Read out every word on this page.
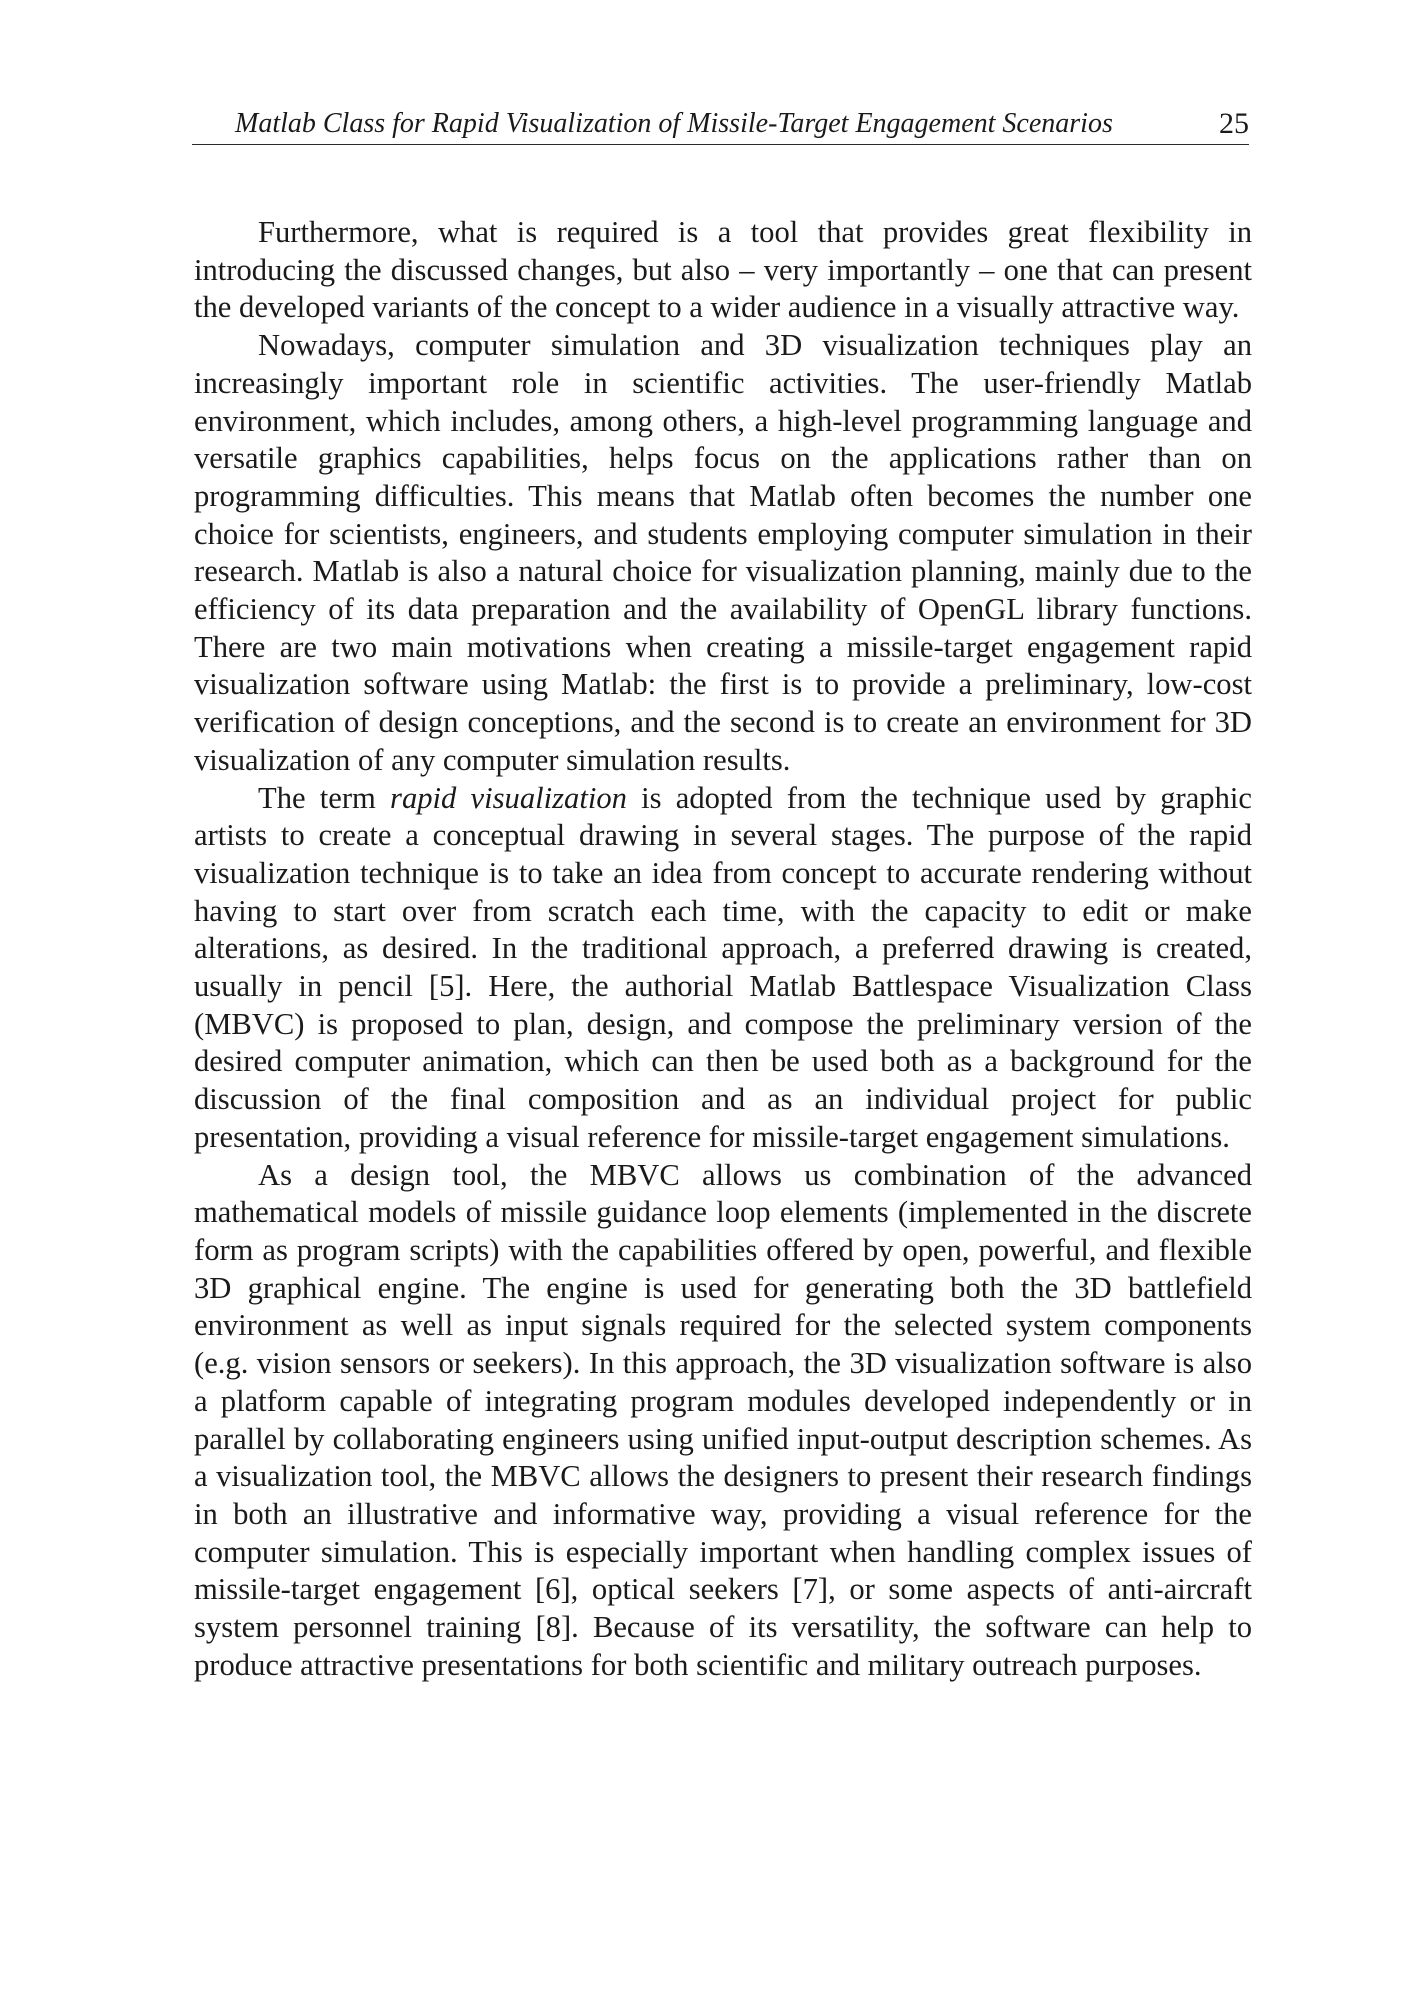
Matlab Class for Rapid Visualization of Missile-Target Engagement Scenarios	25

Furthermore, what is required is a tool that provides great flexibility in introducing the discussed changes, but also – very importantly – one that can present the developed variants of the concept to a wider audience in a visually attractive way.

Nowadays, computer simulation and 3D visualization techniques play an increasingly important role in scientific activities. The user-friendly Matlab environment, which includes, among others, a high-level programming language and versatile graphics capabilities, helps focus on the applications rather than on programming difficulties. This means that Matlab often becomes the number one choice for scientists, engineers, and students employing computer simulation in their research. Matlab is also a natural choice for visualization planning, mainly due to the efficiency of its data preparation and the availability of OpenGL library functions. There are two main motivations when creating a missile-target engagement rapid visualization software using Matlab: the first is to provide a preliminary, low-cost verification of design conceptions, and the second is to create an environment for 3D visualization of any computer simulation results.

The term rapid visualization is adopted from the technique used by graphic artists to create a conceptual drawing in several stages. The purpose of the rapid visualization technique is to take an idea from concept to accurate rendering without having to start over from scratch each time, with the capacity to edit or make alterations, as desired. In the traditional approach, a preferred drawing is created, usually in pencil [5]. Here, the authorial Matlab Battlespace Visualization Class (MBVC) is proposed to plan, design, and compose the preliminary version of the desired computer animation, which can then be used both as a background for the discussion of the final composition and as an individual project for public presentation, providing a visual reference for missile-target engagement simulations.

As a design tool, the MBVC allows us combination of the advanced mathematical models of missile guidance loop elements (implemented in the discrete form as program scripts) with the capabilities offered by open, powerful, and flexible 3D graphical engine. The engine is used for generating both the 3D battlefield environment as well as input signals required for the selected system components (e.g. vision sensors or seekers). In this approach, the 3D visualization software is also a platform capable of integrating program modules developed independently or in parallel by collaborating engineers using unified input-output description schemes. As a visualization tool, the MBVC allows the designers to present their research findings in both an illustrative and informative way, providing a visual reference for the computer simulation. This is especially important when handling complex issues of missile-target engagement [6], optical seekers [7], or some aspects of anti-aircraft system personnel training [8]. Because of its versatility, the software can help to produce attractive presentations for both scientific and military outreach purposes.
